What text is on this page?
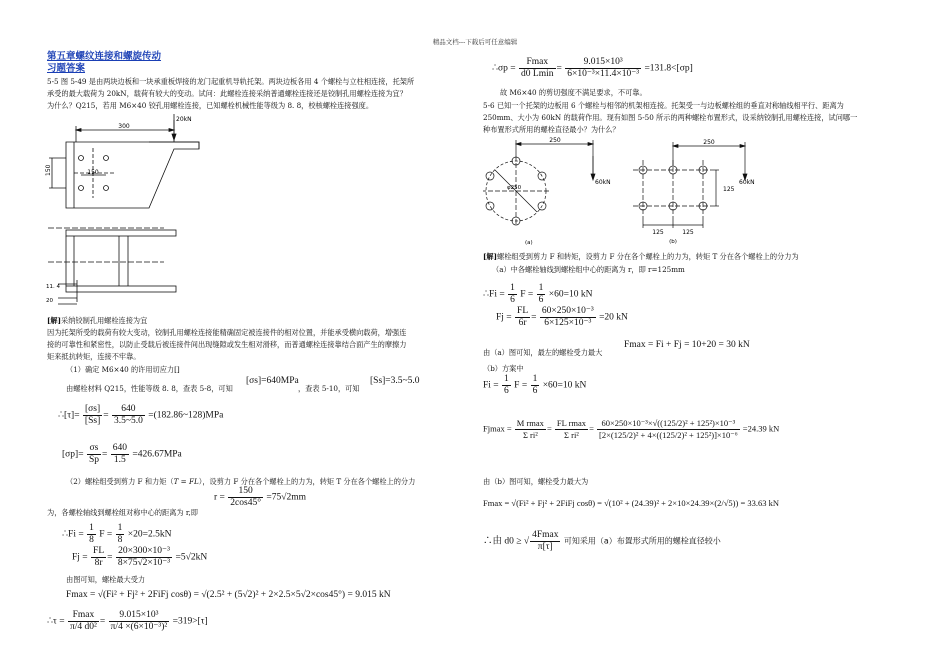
精品文档---下载后可任意编辑
第五章螺纹连接和螺旋传动
习题答案
5-5 图 5-49 是由两块边板和一块承重板焊接的龙门起重机导轨托架。两块边板各用 4 个螺栓与立柱相连接，托架所
承受的最大载荷为 20kN，载荷有较大的变动。试问：此螺栓连接采纳普通螺栓连接还是铰制孔用螺栓连接为宜？
为什么？Q215，若用 M6×40 铰孔用螺栓连接，已知螺栓机械性能等级为 8. 8，校核螺栓连接强度。
300
20kN
150	150
11. 4
20
[解]采纳铰制孔用螺栓连接为宜
因为托架所受的载荷有较大变动，铰制孔用螺栓连接能精确固定被连接件的相对位置，并能承受横向载荷，增强连
接的可靠性和紧密性，以防止受载后被连接件间出现缝隙或发生相对滑移，而普通螺栓连接靠结合面产生的摩擦力
矩来抵抗转矩，连接不牢靠。
（1）确定 M6×40 的许用切应力[]
由螺栓材料 Q215，性能等级 8. 8，查表 5-8，可知
[σs]=640MPa
，查表 5-10，可知
[Ss]=3.5~5.0
∴[τ]= $\frac{[\sigma s]}{[Ss]} = \frac{640}{3.5\sim 5.0}$ =(182.86~128)MPa
$[\sigma p]= \frac{\sigma s}{Sp} = \frac{640}{1.5} =426.67MPa$
（2）螺栓组受到剪力 F 和力矩（T = FL），设剪力 F 分在各个螺栓上的力为，转矩 T 分在各个螺栓上的分力
$r = \frac{150}{2\cos 45^\circ} =75√2mm$
为，各螺栓轴线到螺栓组对称中心的距离为 r,即
∴Fi = $\frac{1}{8}$ $F = \frac{1}{8} \times 20=2.5kN$
$Fj = \frac{FL}{8r} = \frac{\text{20×300×10⁻³}}{\text{8×75√2×10⁻³}} =5√2kN$
由图可知，螺栓最大受力
Fmax = √(Fi² + Fj² + 2FiFj cosθ) = √(2.5² + (5√2)² + 2×2.5×5√2×cos45°) = 9.015 kN
∴τ = $\frac{Fmax}{\text{π/4 d0²}} = \frac{\text{9.015×10³}}{\text{π/4 ×(6×10⁻³)²}} =319>[\tau]$
∴σp = $\frac{Fmax}{d0 Lmin} = \frac{\text{9.015×10³}}{\text{6×10⁻³×11.4×10⁻³}} =131.8<[\sigma p]$
故 M6×40 的剪切强度不满足要求，不可靠。
5-6 已知一个托架的边板用 6 个螺栓与相邻的机架相连接。托架受一与边板螺栓组的垂直对称轴线相平行、距离为
250mm、大小为 60kN 的载荷作用。现有如图 5-50 所示的两种螺栓布置形式，设采纳铰制孔用螺栓连接，试问哪一
种布置形式所用的螺栓直径最小？为什么？
250
60kN
φ250
(a)
250
60kN
125
125	125
(b)
[解]螺栓组受到剪力 F 和转矩，设剪力 F 分在各个螺栓上的力为，转矩 T 分在各个螺栓上的分力为
（a）中各螺栓轴线到螺栓组中心的距离为 r，即 r=125mm
∴Fi = $\frac{1}{6}$ $F = \frac{1}{6} \times 60=10$ kN
$Fj = \frac{FL}{6r} = \frac{\text{60×250×10⁻³}}{\text{6×125×10⁻³}} =20$ kN
由（a）图可知，最左的螺栓受力最大
Fmax = Fi + Fj = 10+20 = 30 kN
（b）方案中
$Fi = \frac{1}{6}$ $F = \frac{1}{6} \times 60=10$ kN
$Fjmax = \frac{\text{M rmax}}{\text{Σ ri²}} = \frac{\text{FL rmax}}{\text{Σ ri²}} = \frac{\text{60×250×10⁻³×√((125/2)² + 125²)×10⁻³}}{\text{[2×(125/2)² + 4×((125/2)² + 125²)]×10⁻⁶}} =24.39$ kN
由（b）图可知，螺栓受力最大为
Fmax = √(Fi² + Fj² + 2FiFj cosθ) = √(10² + (24.39)² + 2×10×24.39×(2/√5)) = 33.63 kN
∴由 d0 ≥ √ $\frac{4Fmax}{\pi[\tau]}$ 可知采用（a）布置形式所用的螺栓直径较小
